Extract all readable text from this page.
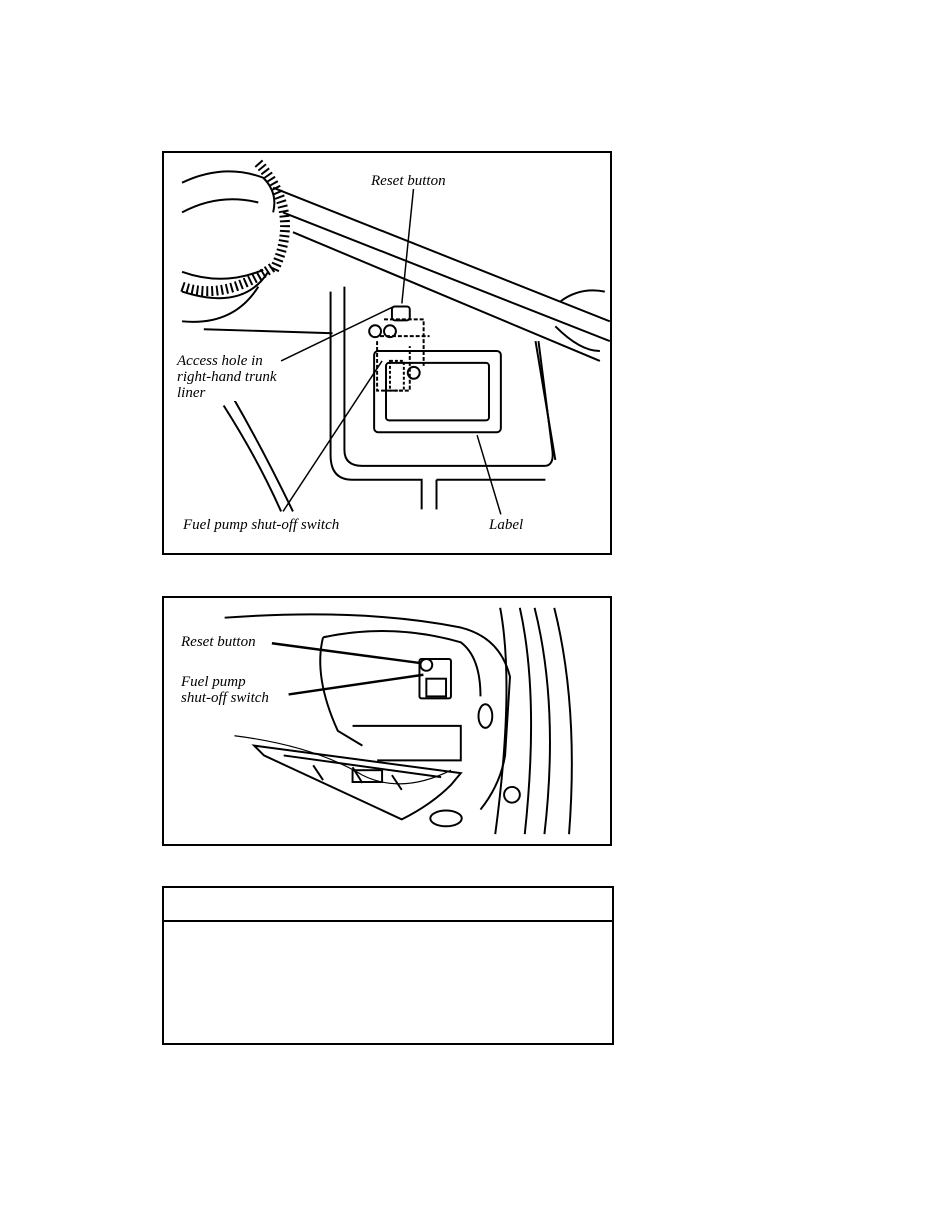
Reset button
Access hole in
right-hand trunk
liner
Fuel pump shut-off switch	Label
Reset button
Fuel pump
shut-off switch
